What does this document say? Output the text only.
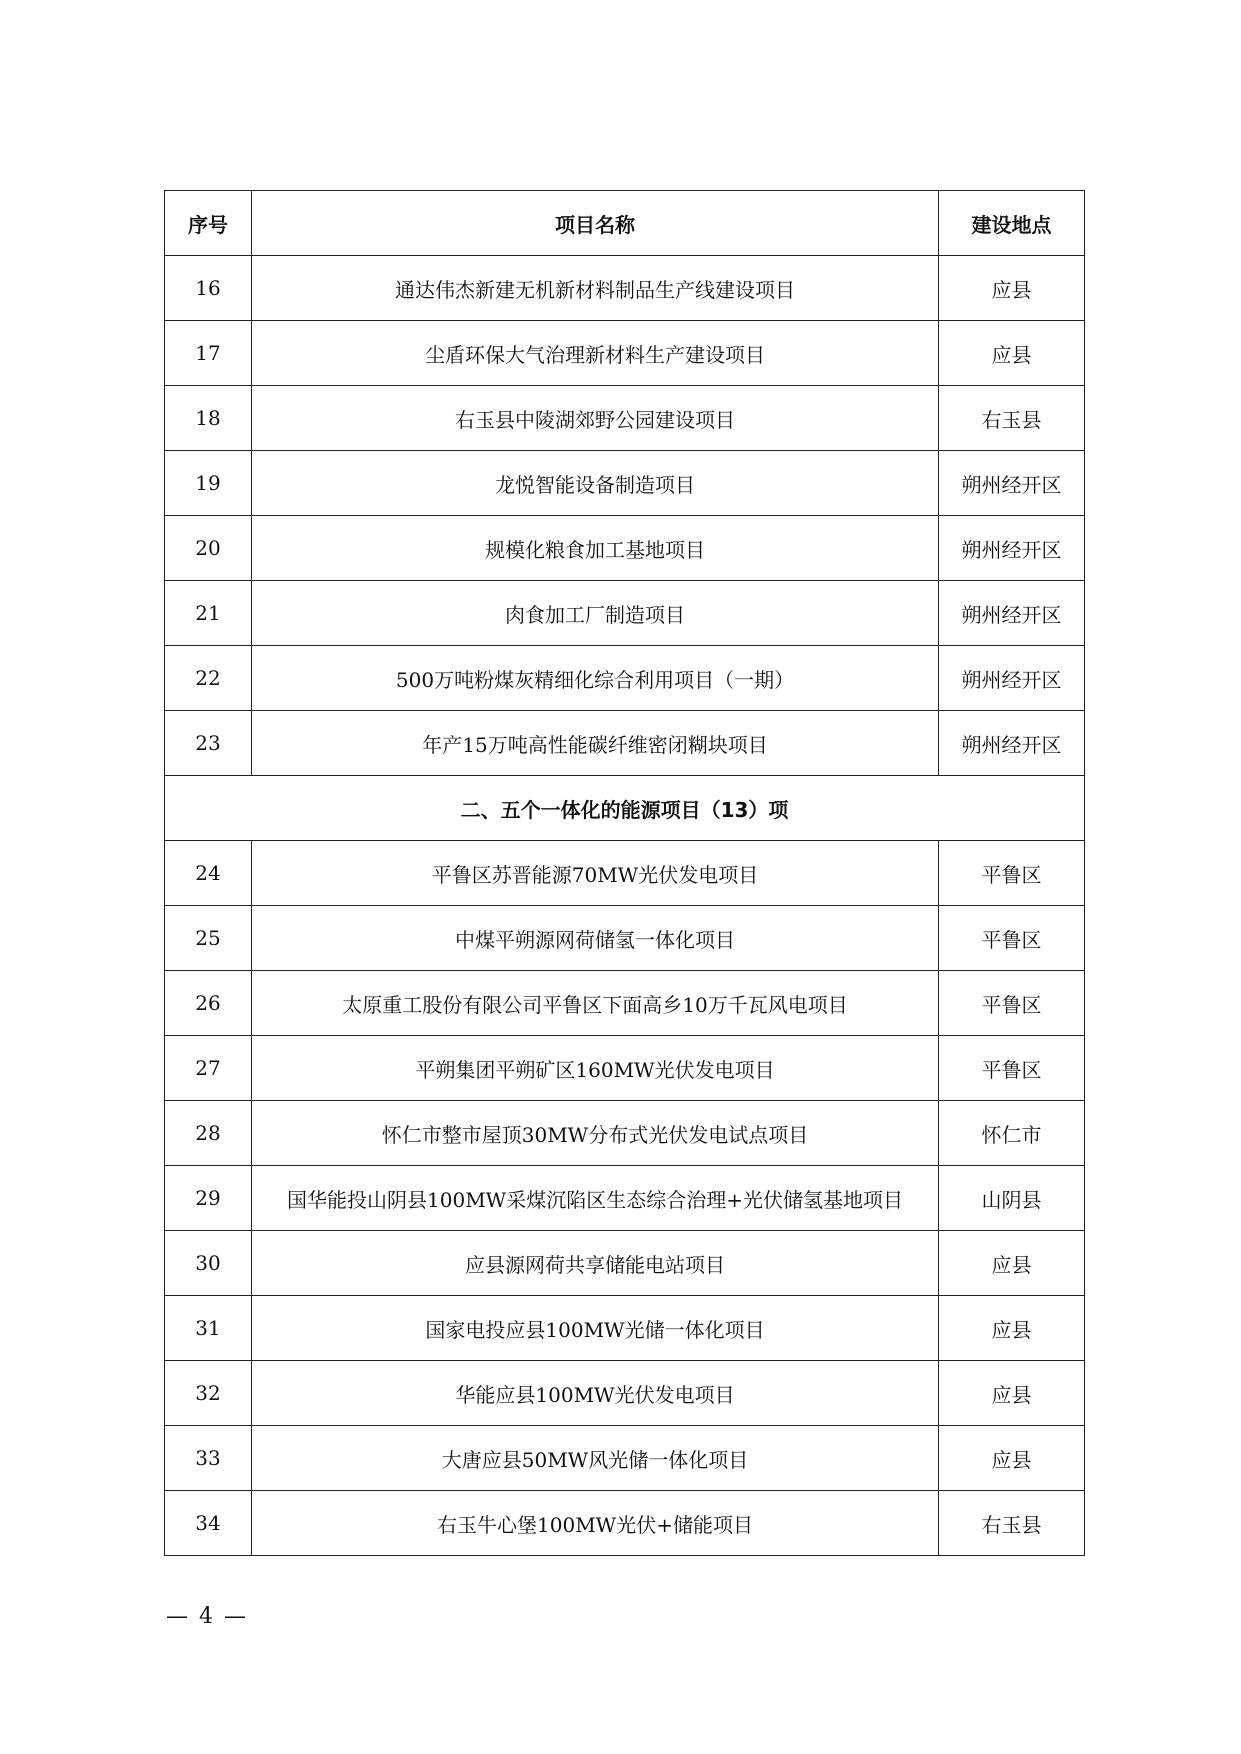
序号	项目名称	建设地点
16	通达伟杰新建无机新材料制品生产线建设项目	应县
17	尘盾环保大气治理新材料生产建设项目	应县
18	右玉县中陵湖郊野公园建设项目	右玉县
19	龙悦智能设备制造项目	朔州经开区
20	规模化粮食加工基地项目	朔州经开区
21	肉食加工厂制造项目	朔州经开区
22	500万吨粉煤灰精细化综合利用项目（一期）	朔州经开区
23	年产15万吨高性能碳纤维密闭糊块项目	朔州经开区
二、五个一体化的能源项目（13）项		
24	平鲁区苏晋能源70MW光伏发电项目	平鲁区
25	中煤平朔源网荷储氢一体化项目	平鲁区
26	太原重工股份有限公司平鲁区下面高乡10万千瓦风电项目	平鲁区
27	平朔集团平朔矿区160MW光伏发电项目	平鲁区
28	怀仁市整市屋顶30MW分布式光伏发电试点项目	怀仁市
29	国华能投山阴县100MW采煤沉陷区生态综合治理+光伏储氢基地项目	山阴县
30	应县源网荷共享储能电站项目	应县
31	国家电投应县100MW光储一体化项目	应县
32	华能应县100MW光伏发电项目	应县
33	大唐应县50MW风光储一体化项目	应县
34	右玉牛心堡100MW光伏+储能项目	右玉县
— 4 —
